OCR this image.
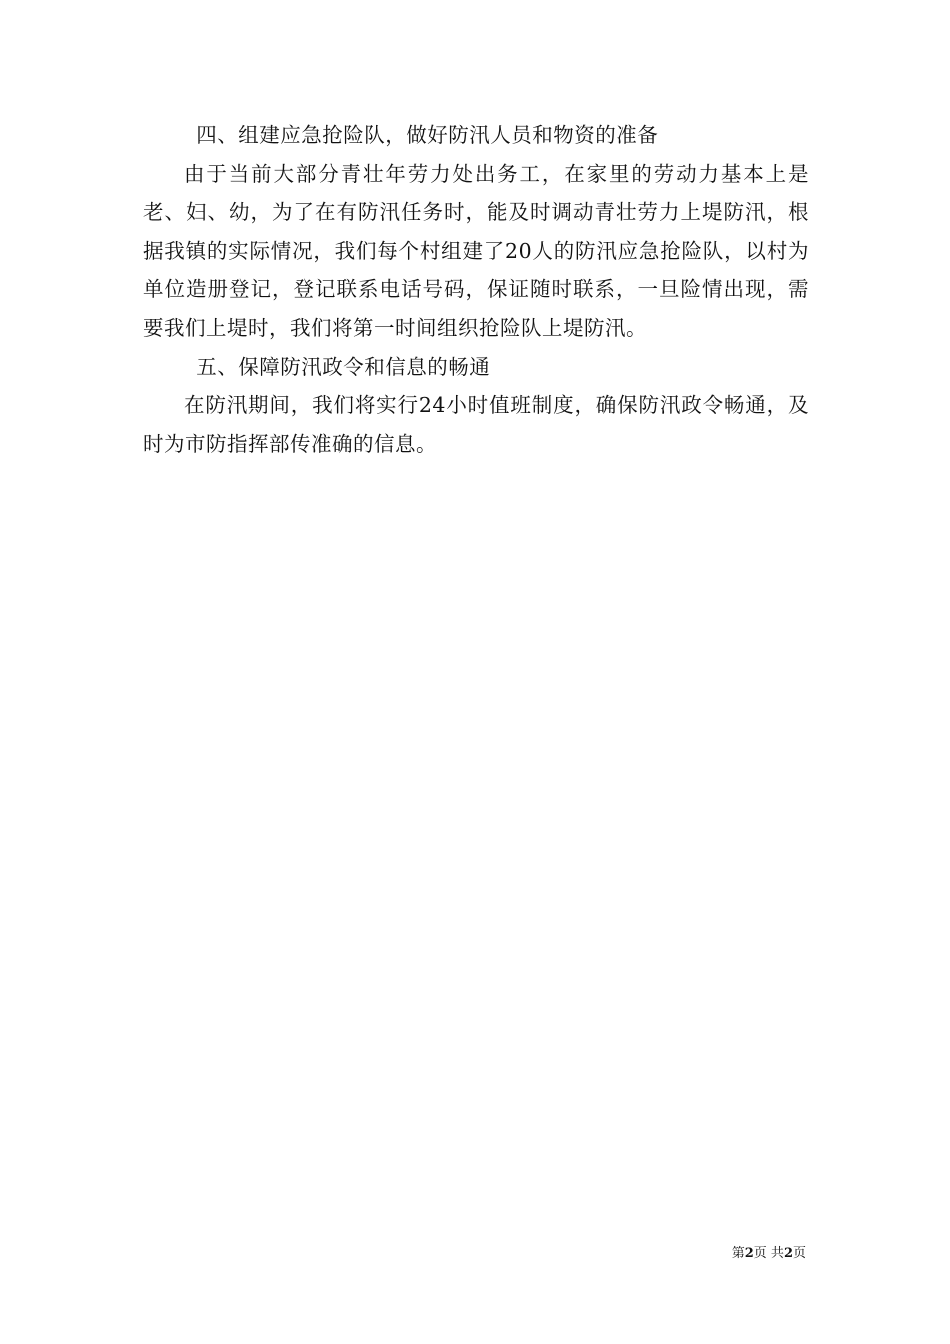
四、组建应急抢险队，做好防汛人员和物资的准备

由于当前大部分青壮年劳力处出务工，在家里的劳动力基本上是老、妇、幼，为了在有防汛任务时，能及时调动青壮劳力上堤防汛，根据我镇的实际情况，我们每个村组建了20人的防汛应急抢险队，以村为单位造册登记，登记联系电话号码，保证随时联系，一旦险情出现，需要我们上堤时，我们将第一时间组织抢险队上堤防汛。

五、保障防汛政令和信息的畅通

在防汛期间，我们将实行24小时值班制度，确保防汛政令畅通，及时为市防指挥部传准确的信息。

第2页 共2页
